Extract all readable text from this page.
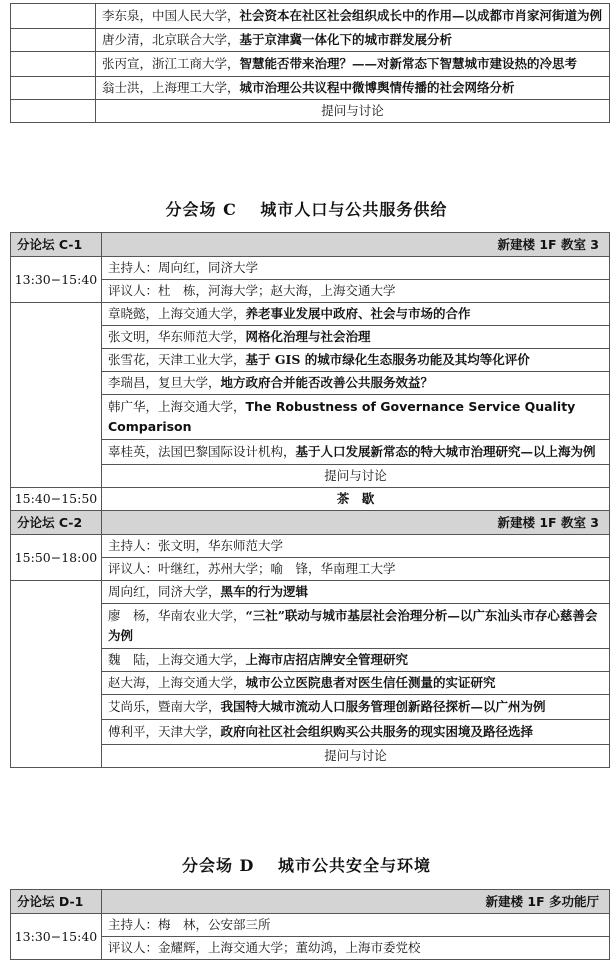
	李东泉，中国人民大学，社会资本在社区社会组织成长中的作用—以成都市肖家河街道为例
	唐少清，北京联合大学，基于京津冀一体化下的城市群发展分析
	张丙宣，浙江工商大学，智慧能否带来治理？——对新常态下智慧城市建设热的冷思考
	翁士洪，上海理工大学，城市治理公共议程中微博舆情传播的社会网络分析
	提问与讨论
分会场 C　 城市人口与公共服务供给
分论坛 C-1	新建楼 1F 教室 3
13:30−15:40	主持人：周向红，同济大学
	评议人：杜　栋，河海大学；赵大海，上海交通大学
	章晓懿，上海交通大学，养老事业发展中政府、社会与市场的合作
	张文明，华东师范大学，网格化治理与社会治理
	张雪花，天津工业大学，基于 GIS 的城市绿化生态服务功能及其均等化评价
	李瑞昌，复旦大学，地方政府合并能否改善公共服务效益？
	韩广华，上海交通大学，The Robustness of Governance Service Quality Comparison
	辜桂英，法国巴黎国际设计机构，基于人口发展新常态的特大城市治理研究—以上海为例
	提问与讨论
15:40−15:50	茶　歇
分论坛 C-2	新建楼 1F 教室 3
15:50−18:00	主持人：张文明，华东师范大学
	评议人：叶继红，苏州大学；喻　锋，华南理工大学
	周向红，同济大学，黑车的行为逻辑
	廖　杨，华南农业大学，“三社”联动与城市基层社会治理分析—以广东汕头市存心慈善会为例
	魏　陆，上海交通大学，上海市店招店牌安全管理研究
	赵大海，上海交通大学，城市公立医院患者对医生信任测量的实证研究
	艾尚乐，暨南大学，我国特大城市流动人口服务管理创新路径探析—以广州为例
	傅利平，天津大学，政府向社区社会组织购买公共服务的现实困境及路径选择
	提问与讨论
分会场 D　 城市公共安全与环境
分论坛 D-1	新建楼 1F 多功能厅
13:30−15:40	主持人：梅　林，公安部三所
	评议人：金耀辉，上海交通大学；董幼鸿，上海市委党校
